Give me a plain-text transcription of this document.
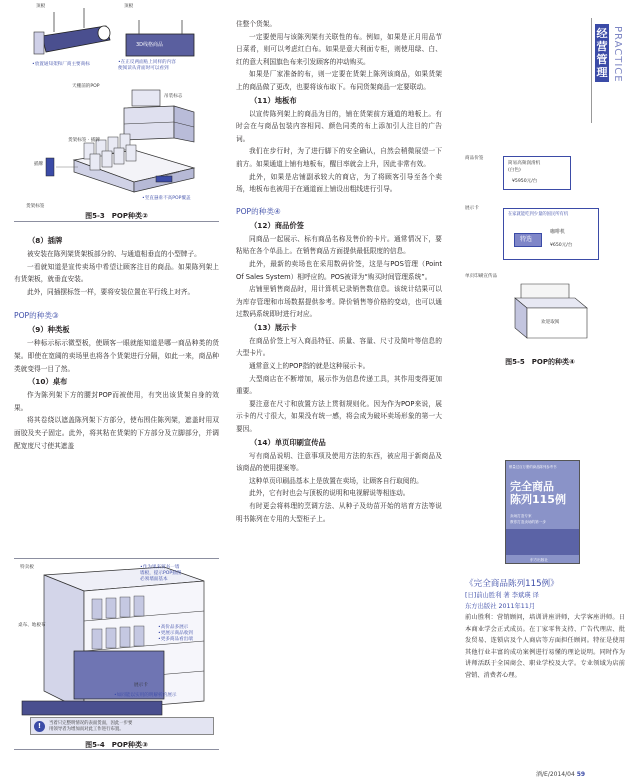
顶板	顶板
3D线格商品
•放置通知架和厂商主要商标	•在正反两面贴上同样的内容
便阅读从背面时可以看到
天棚前的POP
吊装标志
货架标签 · 插牌
插牌
•竖直悬垂不高POP覆盖
货架标签
图5-3　POP种类②
（8）插牌

被安装在陈列架货架板部分的、与通道相垂直的小型牌子。

一看就知道是宣传卖场中希望让顾客注目的商品。如果陈列架上有货架板，就垂直安装。

此外，同插摆标签一样，要将安装位置在平行线上对齐。

POP的种类③
（9）种类板

一种标示标示微型板，使顾客一眼就能知道是哪一商品种类的货架。即使在宽阔的卖场里也将各个货架进行分隔，如此一来，商品种类就变得一目了然。

（10）桌布

作为陈列架下方的腰封POP而被使用，有突出该货架自身的效果。

将其卷绕以遮盖陈列架下方部分，使布围住陈列架，遮盖时用双面胶及夹子固定。此外，将其粘在货架的下方部分及立脚部分，并调配宽度尺寸使其遮盖

特卖板	•作为果来贸书一墙
墙板，提示POP插图
必须墙面基本
桌布、地板布	•高价品多展示
•更展示商品收到
•更多商品看出端
展示卡
•如同能以实用的明解析的展示
!	当着只完整明情况的表面货面，因此一步要
用领导者为增加而对此工作进行布置。
图5-4　POP种类③

住整个货架。

一定要使用与该陈列架有关联性的布。例如，如果是正月用品节日菜肴，则可以考虑红白布。如果是意大利面专柜，则使用绿、白、红的意大利国旗色布来引发顾客的冲动购买。

如果是厂家准备的布，则一定要在货架上陈列该商品，如果货架上的商品做了更改，也要将该布取下。布同货架商品一定要联动。

（11）地板布

以宣传陈列架上的商品为目的，铺在货架前方通道的地板上。有时会在与商品包装内容相同、颜色同类的布上添加引人注目的广告词。

我们在步行时，为了进行脚下的安全确认，自然会稍微展望一下前方。如果通道上铺有地板布，醒目率就会上升，因此非常有效。

此外，如果是店铺副承较大的商店，为了将顾客引导至各个卖场，地板布也被用于在通道面上铺设出粗线进行引导。

POP的种类④
（12）商品价签

同商品一起展示、标有商品名称及售价的卡片。通常情况下，要粘贴在各个单品上。在销售商品方面提供最低限度的信息。

此外，最新的卖场也在采用数码价签，这是与POS管理（Point Of Sales System）相呼应的。POS被译为“购买时间管理系统”。

店铺里销售商品时，用计算机记录销售数信息。该统计结果可以为库存管理和市场数据提供参考。降价销售等价格的变动，也可以通过数码系统即时进行对应。

（13）展示卡

在商品价签上写入商品特征、质量、容量、尺寸及简叶等信息的大型卡片。

通常意义上的POP指的就是这种展示卡。

大型商店在不断增加，展示作为信息传递工具，其作用变得更加重要。

要注意在尺寸和放置方法上贯彻规则化。因为作为POP来说，展示卡的尺寸很大，如果没有统一感，将会成为破坏卖场形象的第一大要因。

（14）单页印刷宣传品

写有商品说明、注意事项及使用方法的东西，被应用于新商品及该商品的使用提案等。

这种单页印刷品基本上是放置在卖场，让顾客自行取阅的。

此外，它有时也会与顶板的说明和电视解说等相连动。

有时更会将料理的烹调方法、从种子及幼苗开始的培育方法等说明书陈列在专用的大型柜子上。

经营管理 PRACTICE
商品价签
简易高频润滑机
(白色)
¥5950元/台
展示卡
在家就能吃到少量的国民所有机
咖啡机
特选
¥650元/台
单页印刷宣传品
欢迎取阅
图5-5　POP的种类④
销量过百万册的商品陈列参考书
完全商品
陈列115例
卖场打造专家
教你打造卖场的第一步
东方出版社
《完全商品陈列115例》
[日]前山胜利 著 李斌瑛 译
东方出版社 2011年11月

前山胜利：营销顾问，培训讲座讲师，大学客座讲师。日本商业学会正式成员。在丁家零售支持、广告代理店、批发贸易、连锁店及个人商店等方面担任顾问。特征是使用其他行业丰富的成功案例进行易懂的理论说明。同时作为讲师活跃于全国商会、职业学校及大学。专业领域为店前营销、消费者心理。

酒/E/2014/04 59
